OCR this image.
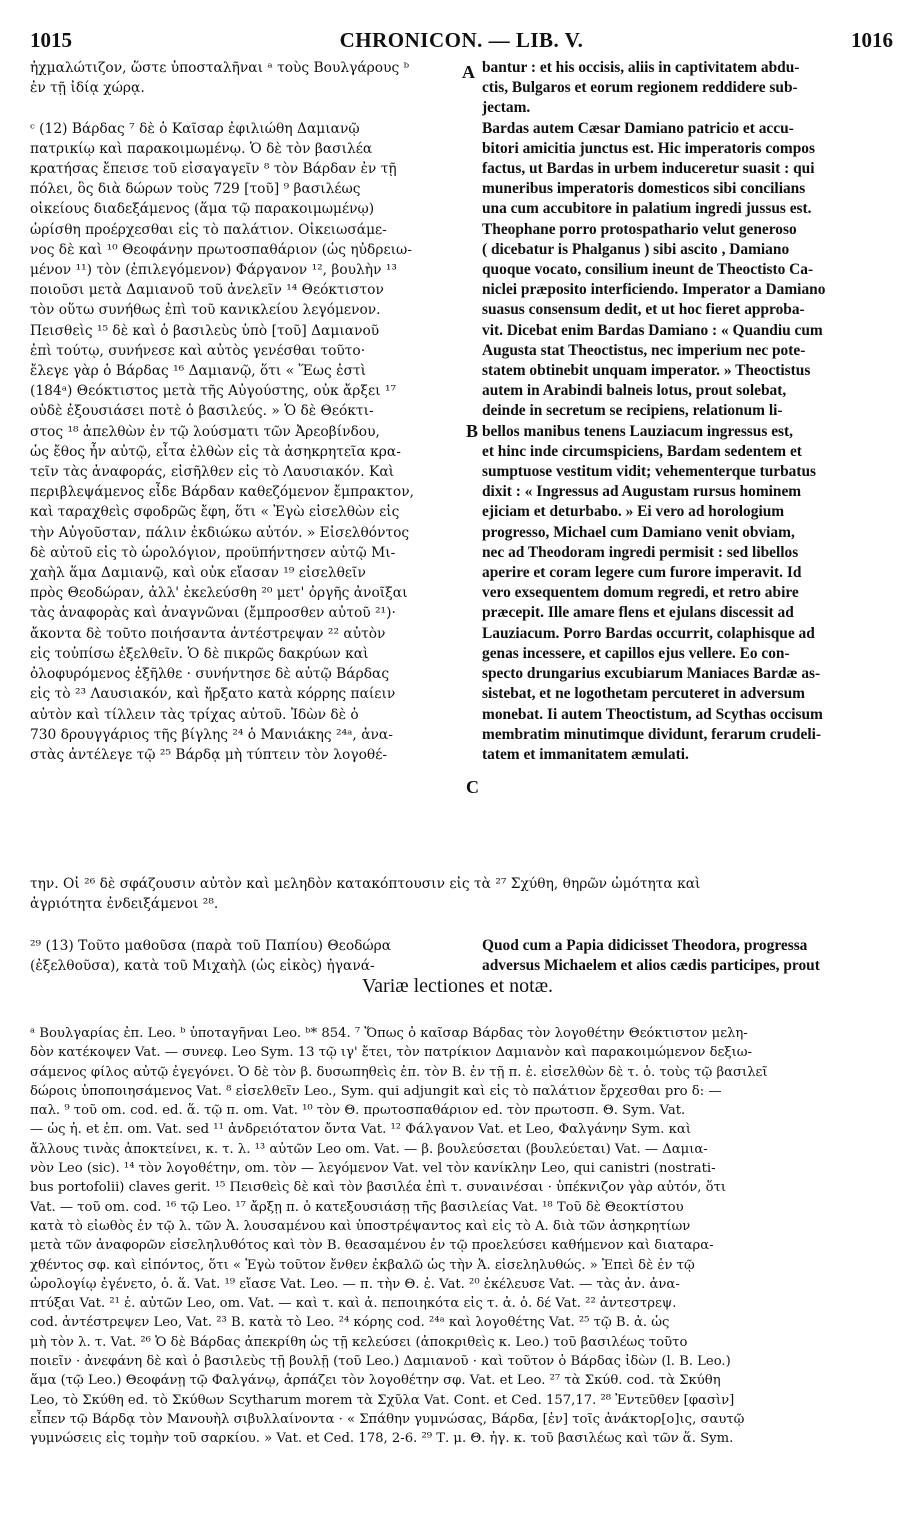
1015	CHRONICON. — LIB. V.	1016
A
B
C

ἠχμαλώτιζον, ὥστε ὑποσταλῆναι ᵃ τοὺς Βουλγάρους ᵇ

ἐν τῇ ἰδίᾳ χώρᾳ.

ᶜ (12) Βάρδας ⁷ δὲ ὁ Καῖσαρ ἐφιλιώθη Δαμιανῷ

πατρικίῳ καὶ παρακοιμωμένῳ. Ὁ δὲ τὸν βασιλέα

κρατήσας ἔπεισε τοῦ εἰσαγαγεῖν ⁸ τὸν Βάρδαν ἐν τῇ

πόλει, ὃς διὰ δώρων τοὺς 729 [τοῦ] ⁹ βασιλέως

οἰκείους διαδεξάμενος (ἅμα τῷ παρακοιμωμένῳ)

ὡρίσθη προέρχεσθαι εἰς τὸ παλάτιον. Οἰκειωσάμε-

νος δὲ καὶ ¹⁰ Θεοφάνην πρωτοσπαθάριον (ὡς ηὐδρειω-

μένον ¹¹) τὸν (ἐπιλεγόμενον) Φάργανον ¹², βουλὴν ¹³

ποιοῦσι μετὰ Δαμιανοῦ τοῦ ἀνελεῖν ¹⁴ Θεόκτιστον

τὸν οὕτω συνήθως ἐπὶ τοῦ κανικλείου λεγόμενον.

Πεισθεὶς ¹⁵ δὲ καὶ ὁ βασιλεὺς ὑπὸ [τοῦ] Δαμιανοῦ

ἐπὶ τούτῳ, συνήνεσε καὶ αὐτὸς γενέσθαι τοῦτο·

ἔλεγε γὰρ ὁ Βάρδας ¹⁶ Δαμιανῷ, ὅτι « Ἕως ἐστὶ

(184ᵃ) Θεόκτιστος μετὰ τῆς Αὐγούστης, οὐκ ἄρξει ¹⁷

οὐδὲ ἐξουσιάσει ποτὲ ὁ βασιλεύς. » Ὁ δὲ Θεόκτι-

στος ¹⁸ ἀπελθὼν ἐν τῷ λούσματι τῶν Ἀρεοβίνδου,

ὡς ἔθος ἦν αὐτῷ, εἶτα ἐλθὼν εἰς τὰ ἀσηκρητεῖα κρα-

τεῖν τὰς ἀναφοράς, εἰσῆλθεν εἰς τὸ Λαυσιακόν. Καὶ

περιβλεψάμενος εἶδε Βάρδαν καθεζόμενον ἔμπρακτον,

καὶ ταραχθεὶς σφοδρῶς ἔφη, ὅτι « Ἐγὼ εἰσελθὼν εἰς

τὴν Αὐγοῦσταν, πάλιν ἐκδιώκω αὐτόν. » Εἰσελθόντος

δὲ αὐτοῦ εἰς τὸ ὡρολόγιον, προϋπήντησεν αὐτῷ Μι-

χαὴλ ἅμα Δαμιανῷ, καὶ οὐκ εἴασαν ¹⁹ εἰσελθεῖν

πρὸς Θεοδώραν, ἀλλ' ἐκελεύσθη ²⁰ μετ' ὀργῆς ἀνοῖξαι

τὰς ἀναφορὰς καὶ ἀναγνῶναι (ἔμπροσθεν αὐτοῦ ²¹)·

ἄκοντα δὲ τοῦτο ποιήσαντα ἀντέστρεψαν ²² αὐτὸν

εἰς τοὐπίσω ἐξελθεῖν. Ὁ δὲ πικρῶς δακρύων καὶ

ὀλοφυρόμενος ἐξῆλθε · συνήντησε δὲ αὐτῷ Βάρδας

εἰς τὸ ²³ Λαυσιακόν, καὶ ἤρξατο κατὰ κόρρης παίειν

αὐτὸν καὶ τίλλειν τὰς τρίχας αὐτοῦ. Ἰδὼν δὲ ὁ

730 δρουγγάριος τῆς βίγλης ²⁴ ὁ Μανιάκης ²⁴ᵃ, ἀνα-

στὰς ἀντέλεγε τῷ ²⁵ Βάρδᾳ μὴ τύπτειν τὸν λογοθέ-

bantur : et his occisis, aliis in captivitatem abdu-

ctis, Bulgaros et eorum regionem reddidere sub-

jectam.

Bardas autem Cæsar Damiano patricio et accu-

bitori amicitia junctus est. Hic imperatoris compos

factus, ut Bardas in urbem induceretur suasit : qui

muneribus imperatoris domesticos sibi concilians

una cum accubitore in palatium ingredi jussus est.

Theophane porro protospathario velut generoso

( dicebatur is Phalganus ) sibi ascito , Damiano

quoque vocato, consilium ineunt de Theoctisto Ca-

niclei præposito interficiendo. Imperator a Damiano

suasus consensum dedit, et ut hoc fieret approba-

vit. Dicebat enim Bardas Damiano : « Quandiu cum

Augusta stat Theoctistus, nec imperium nec pote-

statem obtinebit unquam imperator. » Theoctistus

autem in Arabindi balneis lotus, prout solebat,

deinde in secretum se recipiens, relationum li-

bellos manibus tenens Lauziacum ingressus est,

et hinc inde circumspiciens, Bardam sedentem et

sumptuose vestitum vidit; vehementerque turbatus

dixit : « Ingressus ad Augustam rursus hominem

ejiciam et deturbabo. » Ei vero ad horologium

progresso, Michael cum Damiano venit obviam,

nec ad Theodoram ingredi permisit : sed libellos

aperire et coram legere cum furore imperavit. Id

vero exsequentem domum regredi, et retro abire

præcepit. Ille amare flens et ejulans discessit ad

Lauziacum. Porro Bardas occurrit, colaphisque ad

genas incessere, et capillos ejus vellere. Eo con-

specto drungarius excubiarum Maniaces Bardæ as-

sistebat, et ne logothetam percuteret in adversum

monebat. Ii autem Theoctistum, ad Scythas occisum

membratim minutimque dividunt, ferarum crudeli-

tatem et immanitatem æmulati.

την. Οἱ ²⁶ δὲ σφάζουσιν αὐτὸν καὶ μεληδὸν κατακόπτουσιν εἰς τὰ ²⁷ Σχύθη, θηρῶν ὠμότητα καὶ

ἀγριότητα ἐνδειξάμενοι ²⁸.

²⁹ (13) Τοῦτο μαθοῦσα (παρὰ τοῦ Παπίου) Θεοδώρα

(ἐξελθοῦσα), κατὰ τοῦ Μιχαὴλ (ὡς εἰκὸς) ἠγανά-

Quod cum a Papia didicisset Theodora, progressa

adversus Michaelem et alios cædis participes, prout

Variæ lectiones et notæ.

ᵃ Βουλγαρίας ἐπ. Leo. ᵇ ὑποταγῆναι Leo. ᵇ* 854. ⁷ Ὅπως ὁ καῖσαρ Βάρδας τὸν λογοθέτην Θεόκτιστον μελη-

δὸν κατέκοψεν Vat. — συνεφ. Leo Sym. 13 τῷ ιγ' ἔτει, τὸν πατρίκιον Δαμιανὸν καὶ παρακοιμώμενον δεξιω-

σάμενος φίλος αὐτῷ ἐγεγόνει. Ὁ δὲ τὸν β. δυσωπηθεὶς ἐπ. τὸν Β. ἐν τῇ π. ἐ. εἰσελθὼν δὲ τ. ὁ. τοὺς τῷ βασιλεῖ

δώροις ὑποποιησάμενος Vat. ⁸ εἰσελθεῖν Leo., Sym. qui adjungit καὶ εἰς τὸ παλάτιον ἔρχεσθαι pro δ: —

παλ. ⁹ τοῦ om. cod. ed. ἅ. τῷ π. om. Vat. ¹⁰ τὸν Θ. πρωτοσπαθάριον ed. τὸν πρωτοσπ. Θ. Sym. Vat.

— ὡς ἠ. et ἐπ. om. Vat. sed ¹¹ ἀνδρειότατον ὄντα Vat. ¹² Φάλγανον Vat. et Leo, Φαλγάνην Sym. καὶ

ἄλλους τινὰς ἀποκτείνει, κ. τ. λ. ¹³ αὐτῶν Leo om. Vat. — β. βουλεύσεται (βουλεύεται) Vat. — Δαμια-

νὸν Leo (sic). ¹⁴ τὸν λογοθέτην, om. τὸν — λεγόμενον Vat. vel τὸν κανίκλην Leo, qui canistri (nostrati-

bus portofolii) claves gerit. ¹⁵ Πεισθεὶς δὲ καὶ τὸν βασιλέα ἐπὶ τ. συναινέσαι · ὑπέκνιζον γὰρ αὐτόν, ὅτι

Vat. — τοῦ om. cod. ¹⁶ τῷ Leo. ¹⁷ ἄρξῃ π. ὁ κατεξουσιάσῃ τῆς βασιλείας Vat. ¹⁸ Τοῦ δὲ Θεοκτίστου

κατὰ τὸ εἰωθὸς ἐν τῷ λ. τῶν Ἀ. λουσαμένου καὶ ὑποστρέψαντος καὶ εἰς τὸ Α. διὰ τῶν ἀσηκρητίων

μετὰ τῶν ἀναφορῶν εἰσεληλυθότος καὶ τὸν Β. θεασαμένου ἐν τῷ προελεύσει καθήμενον καὶ διαταρα-

χθέντος σφ. καὶ εἰπόντος, ὅτι « Ἐγὼ τοῦτον ἔνθεν ἐκβαλῶ ὡς τὴν Ἀ. εἰσεληλυθώς. » Ἐπεὶ δὲ ἐν τῷ

ὡρολογίῳ ἐγένετο, ὁ. ἅ. Vat. ¹⁹ εἴασε Vat. Leo. — π. τὴν Θ. ἐ. Vat. ²⁰ ἐκέλευσε Vat. — τὰς ἀν. ἀνα-

πτύξαι Vat. ²¹ ἐ. αὐτῶν Leo, om. Vat. — καὶ τ. καὶ ἀ. πεποιηκότα εἰς τ. ἀ. ὁ. δέ Vat. ²² ἀντεστρεψ.

cod. ἀντέστρεψεν Leo, Vat. ²³ Β. κατὰ τὸ Leo. ²⁴ κόρης cod. ²⁴ᵃ καὶ λογοθέτης Vat. ²⁵ τῷ Β. ἀ. ὡς

μὴ τὸν λ. τ. Vat. ²⁶ Ὁ δὲ Βάρδας ἀπεκρίθη ὡς τῇ κελεύσει (ἀποκριθεὶς κ. Leo.) τοῦ βασιλέως τοῦτο

ποιεῖν · ἀνεφάνη δὲ καὶ ὁ βασιλεὺς τῇ βουλῇ (τοῦ Leo.) Δαμιανοῦ · καὶ τοῦτον ὁ Βάρδας ἰδὼν (l. Β. Leo.)

ἅμα (τῷ Leo.) Θεοφάνῃ τῷ Φαλγάνῳ, ἁρπάζει τὸν λογοθέτην σφ. Vat. et Leo. ²⁷ τὰ Σκύθ. cod. τὰ Σκύθη

Leo, τὸ Σκύθη ed. τὸ Σκύθων Scytharum morem τὰ Σχῦλα Vat. Cont. et Ced. 157,17. ²⁸ Ἐντεῦθεν [φασὶν]

εἶπεν τῷ Βάρδᾳ τὸν Μανουὴλ σιβυλλαίνοντα · « Σπάθην γυμνώσας, Βάρδα, [ἐν] τοῖς ἀνάκτορ[ο]ις, σαυτῷ

γυμνώσεις εἰς τομὴν τοῦ σαρκίου. » Vat. et Ced. 178, 2-6. ²⁹ Τ. μ. Θ. ἠγ. κ. τοῦ βασιλέως καὶ τῶν ἅ. Sym.
